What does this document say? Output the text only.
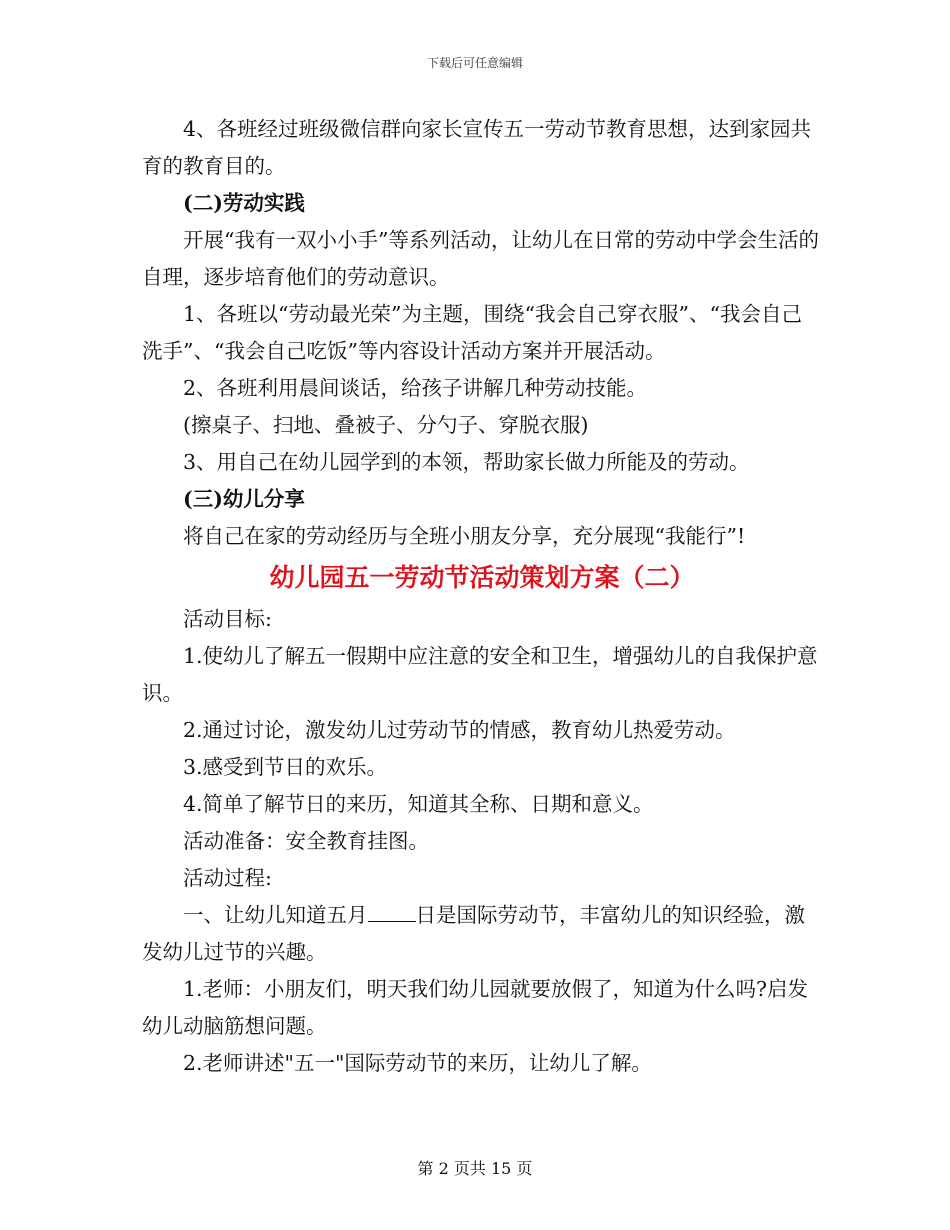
下载后可任意编辑

4、各班经过班级微信群向家长宣传五一劳动节教育思想，达到家园共育的教育目的。

(二)劳动实践

开展“我有一双小小手”等系列活动，让幼儿在日常的劳动中学会生活的自理，逐步培育他们的劳动意识。

1、各班以“劳动最光荣”为主题，围绕“我会自己穿衣服”、“我会自己洗手”、“我会自己吃饭”等内容设计活动方案并开展活动。

2、各班利用晨间谈话，给孩子讲解几种劳动技能。

(擦桌子、扫地、叠被子、分勺子、穿脱衣服)

3、用自己在幼儿园学到的本领，帮助家长做力所能及的劳动。

(三)幼儿分享

将自己在家的劳动经历与全班小朋友分享，充分展现“我能行”!

幼儿园五一劳动节活动策划方案（二）

活动目标:

1.使幼儿了解五一假期中应注意的安全和卫生，增强幼儿的自我保护意识。

2.通过讨论，激发幼儿过劳动节的情感，教育幼儿热爱劳动。

3.感受到节日的欢乐。

4.简单了解节日的来历，知道其全称、日期和意义。

活动准备：安全教育挂图。

活动过程:

一、让幼儿知道五月 日是国际劳动节，丰富幼儿的知识经验，激发幼儿过节的兴趣。

1.老师：小朋友们，明天我们幼儿园就要放假了，知道为什么吗?启发幼儿动脑筋想问题。

2.老师讲述"五一"国际劳动节的来历，让幼儿了解。

第 2 页共 15 页
